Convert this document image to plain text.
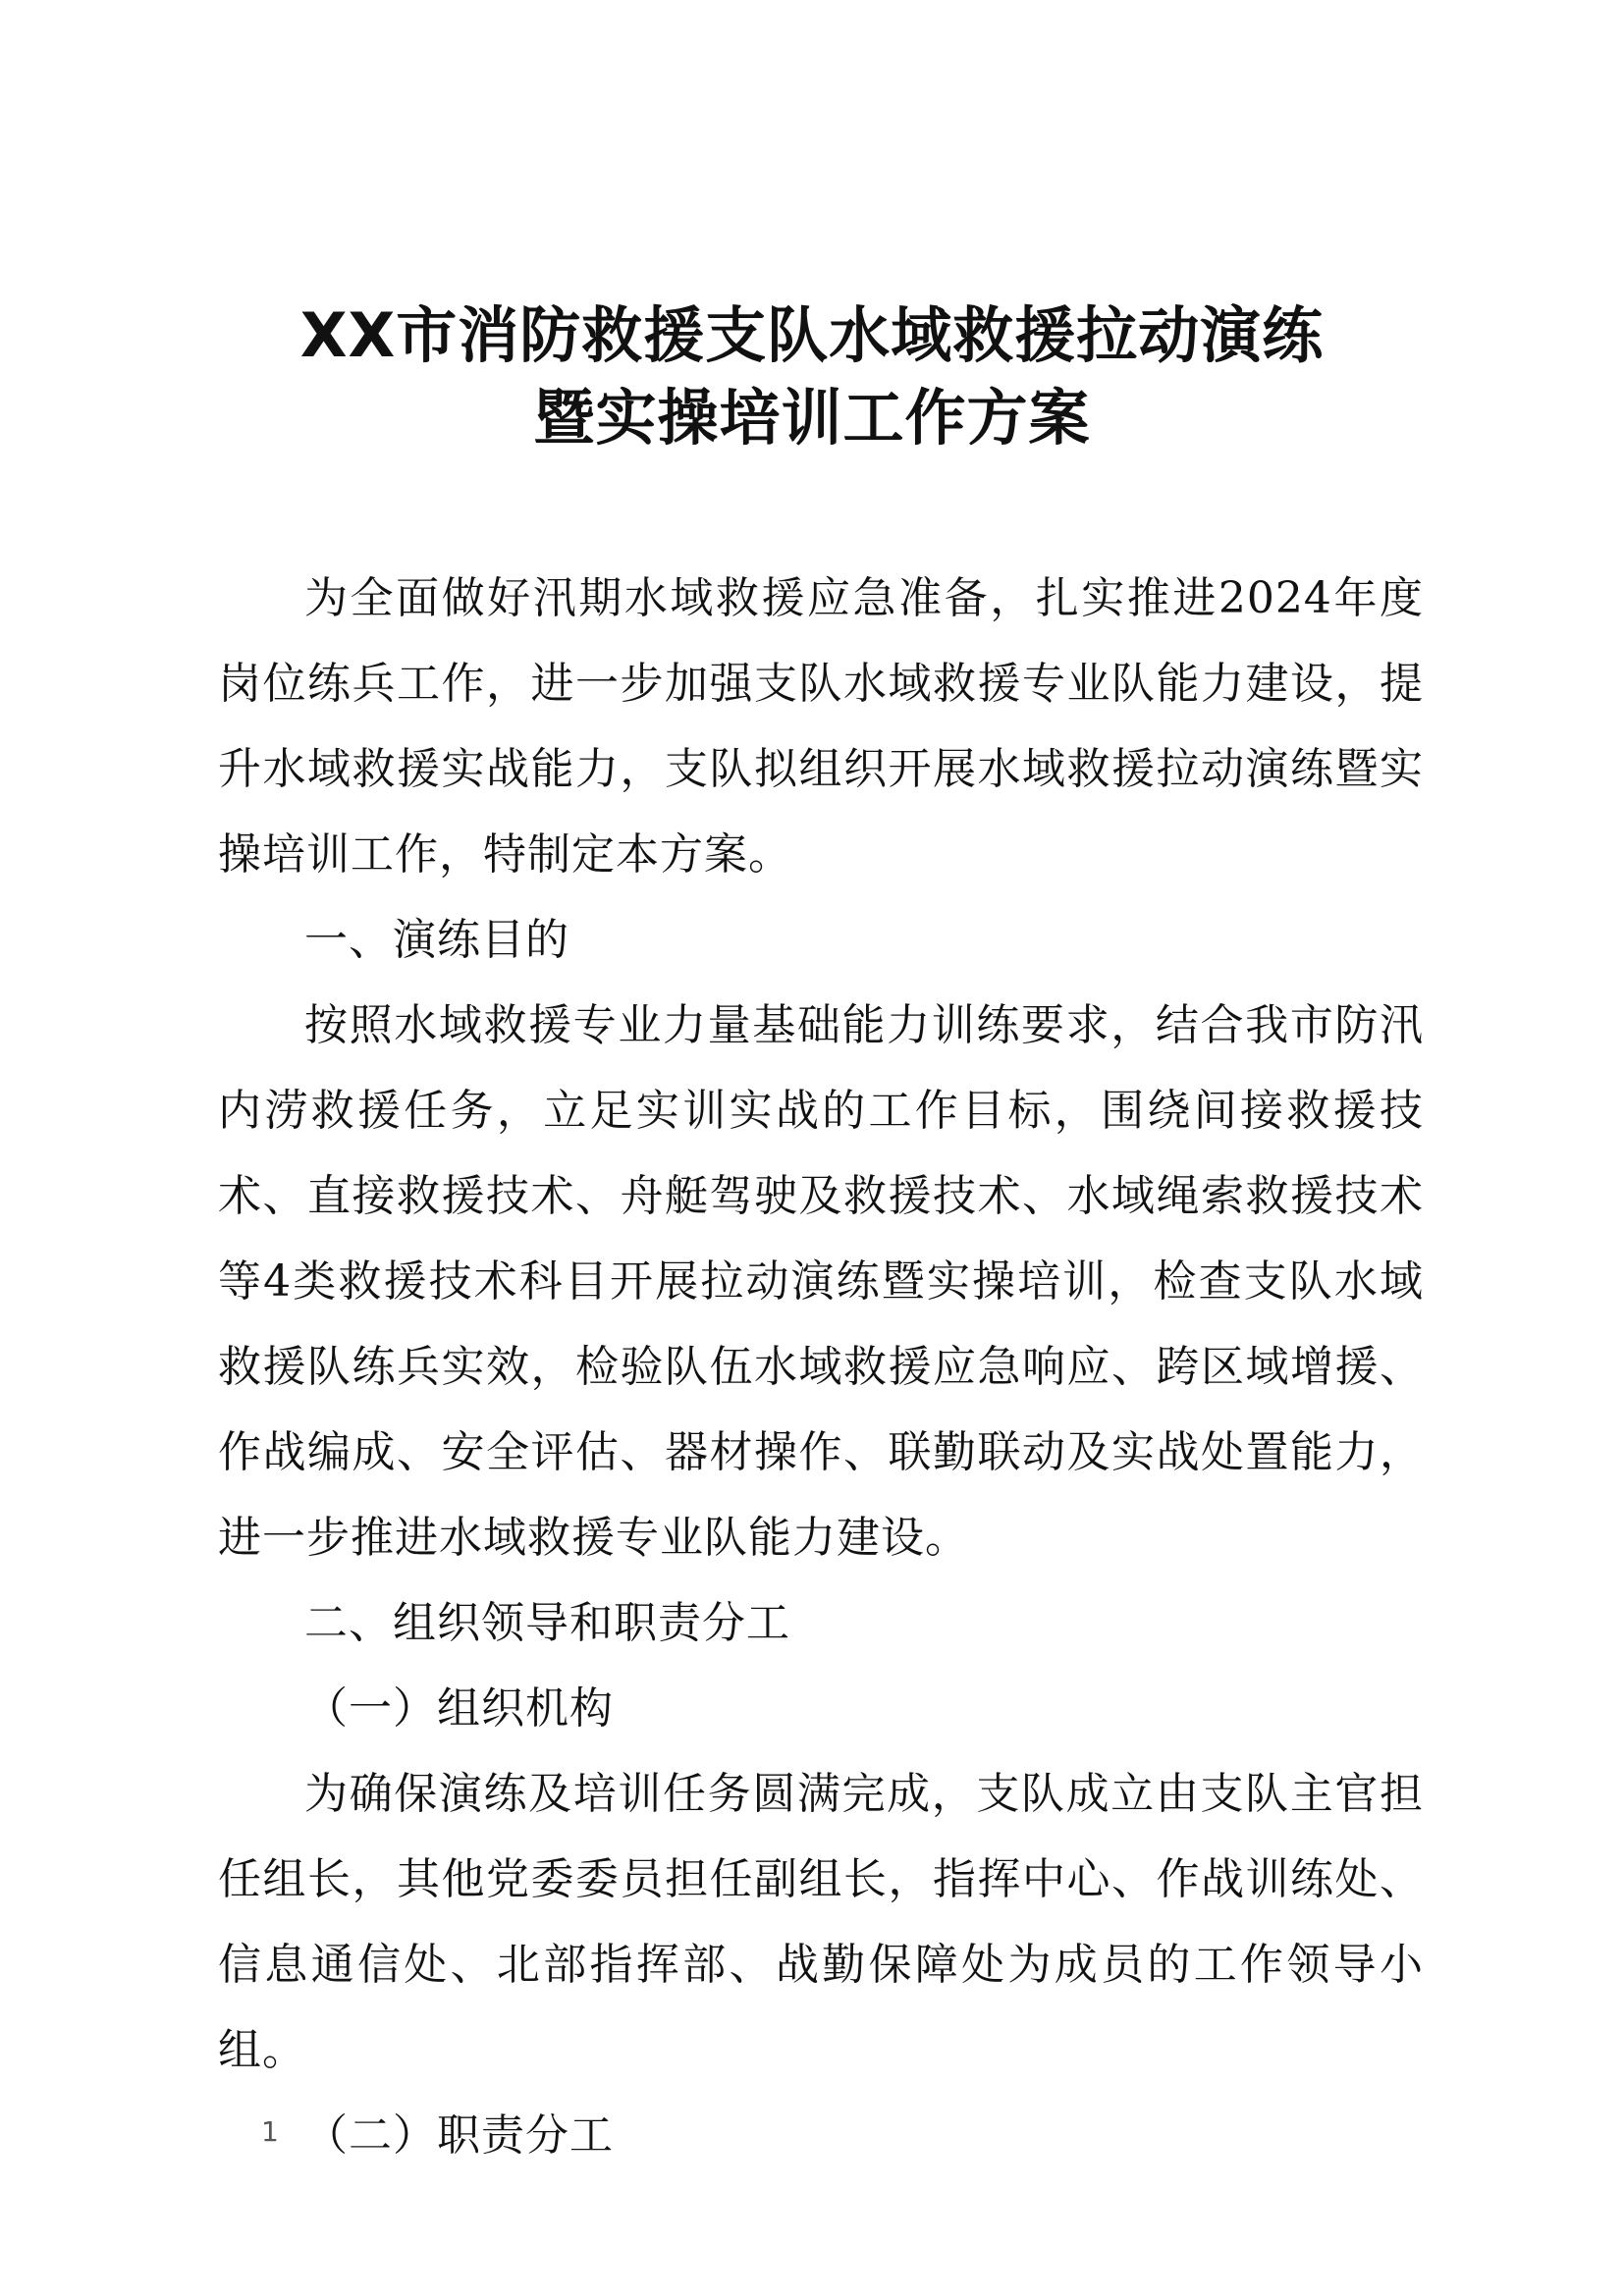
XX市消防救援支队水域救援拉动演练
暨实操培训工作方案

为全面做好汛期水域救援应急准备，扎实推进2024年度岗位练兵工作，进一步加强支队水域救援专业队能力建设，提升水域救援实战能力，支队拟组织开展水域救援拉动演练暨实操培训工作，特制定本方案。

一、演练目的

按照水域救援专业力量基础能力训练要求，结合我市防汛内涝救援任务，立足实训实战的工作目标，围绕间接救援技术、直接救援技术、舟艇驾驶及救援技术、水域绳索救援技术等4类救援技术科目开展拉动演练暨实操培训，检查支队水域救援队练兵实效，检验队伍水域救援应急响应、跨区域增援、作战编成、安全评估、器材操作、联勤联动及实战处置能力，进一步推进水域救援专业队能力建设。

二、组织领导和职责分工

（一）组织机构

为确保演练及培训任务圆满完成，支队成立由支队主官担任组长，其他党委委员担任副组长，指挥中心、作战训练处、信息通信处、北部指挥部、战勤保障处为成员的工作领导小组。

（二）职责分工

1
